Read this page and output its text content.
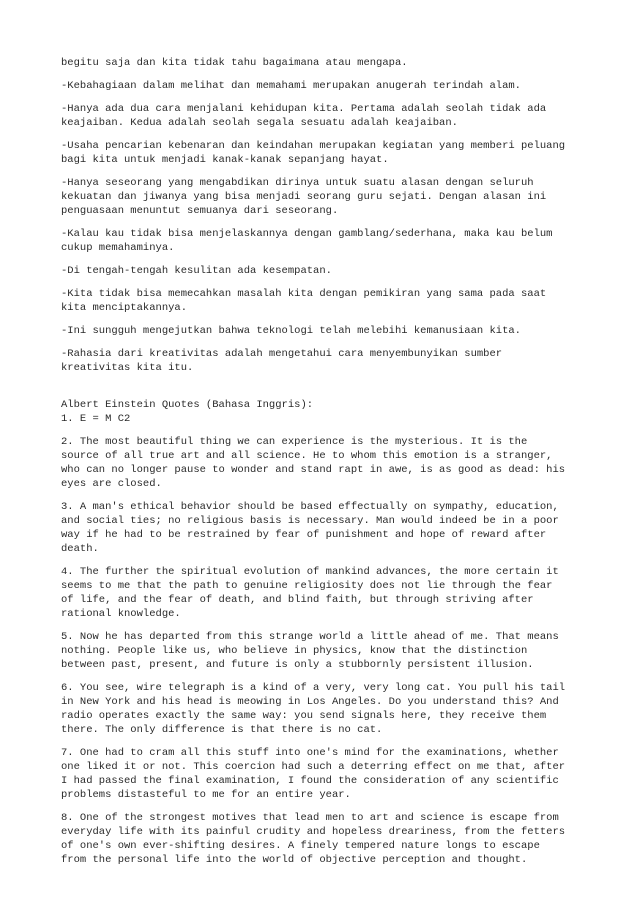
begitu saja dan kita tidak tahu bagaimana atau mengapa.

-Kebahagiaan dalam melihat dan memahami merupakan anugerah terindah alam.

-Hanya ada dua cara menjalani kehidupan kita. Pertama adalah seolah tidak ada
keajaiban. Kedua adalah seolah segala sesuatu adalah keajaiban.

-Usaha pencarian kebenaran dan keindahan merupakan kegiatan yang memberi peluang
bagi kita untuk menjadi kanak-kanak sepanjang hayat.

-Hanya seseorang yang mengabdikan dirinya untuk suatu alasan dengan seluruh
kekuatan dan jiwanya yang bisa menjadi seorang guru sejati. Dengan alasan ini
penguasaan menuntut semuanya dari seseorang.

-Kalau kau tidak bisa menjelaskannya dengan gamblang/sederhana, maka kau belum
cukup memahaminya.

-Di tengah-tengah kesulitan ada kesempatan.

-Kita tidak bisa memecahkan masalah kita dengan pemikiran yang sama pada saat
kita menciptakannya.

-Ini sungguh mengejutkan bahwa teknologi telah melebihi kemanusiaan kita.

-Rahasia dari kreativitas adalah mengetahui cara menyembunyikan sumber
kreativitas kita itu.

Albert Einstein Quotes (Bahasa Inggris):

1. E = M C2

2. The most beautiful thing we can experience is the mysterious. It is the
source of all true art and all science. He to whom this emotion is a stranger,
who can no longer pause to wonder and stand rapt in awe, is as good as dead: his
eyes are closed.

3. A man's ethical behavior should be based effectually on sympathy, education,
and social ties; no religious basis is necessary. Man would indeed be in a poor
way if he had to be restrained by fear of punishment and hope of reward after
death.

4. The further the spiritual evolution of mankind advances, the more certain it
seems to me that the path to genuine religiosity does not lie through the fear
of life, and the fear of death, and blind faith, but through striving after
rational knowledge.

5. Now he has departed from this strange world a little ahead of me. That means
nothing. People like us, who believe in physics, know that the distinction
between past, present, and future is only a stubbornly persistent illusion.

6. You see, wire telegraph is a kind of a very, very long cat. You pull his tail
in New York and his head is meowing in Los Angeles. Do you understand this? And
radio operates exactly the same way: you send signals here, they receive them
there. The only difference is that there is no cat.

7. One had to cram all this stuff into one's mind for the examinations, whether
one liked it or not. This coercion had such a deterring effect on me that, after
I had passed the final examination, I found the consideration of any scientific
problems distasteful to me for an entire year.

8. One of the strongest motives that lead men to art and science is escape from
everyday life with its painful crudity and hopeless dreariness, from the fetters
of one's own ever-shifting desires. A finely tempered nature longs to escape
from the personal life into the world of objective perception and thought.
